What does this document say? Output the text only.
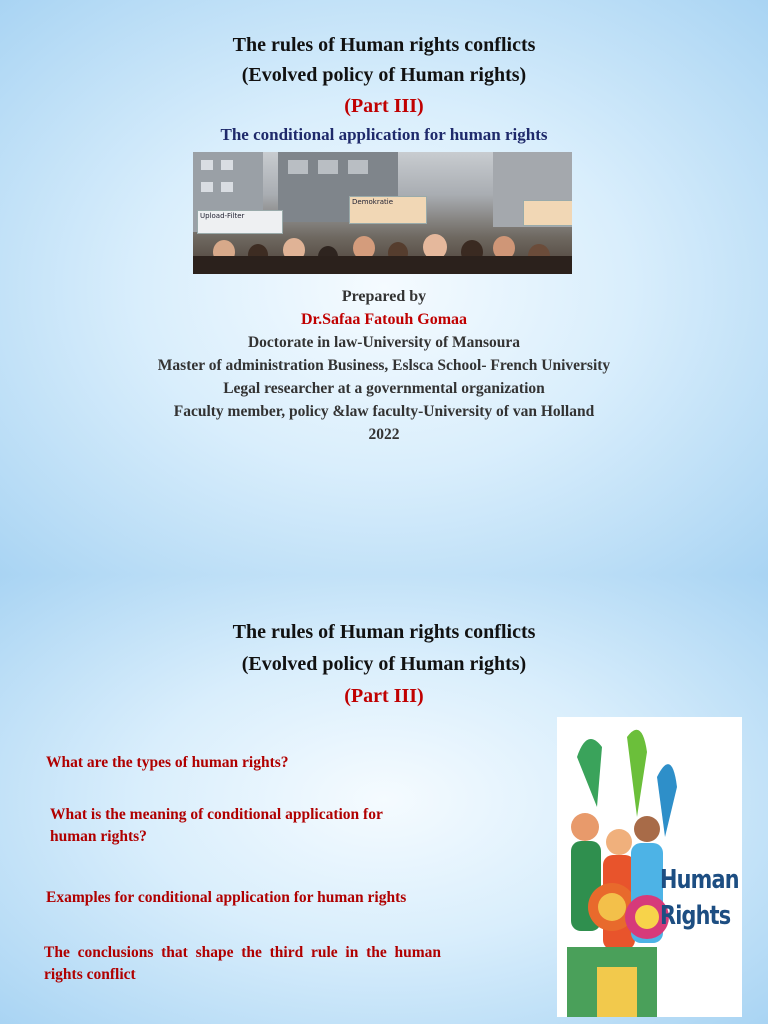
The rules of Human rights conflicts
(Evolved policy of Human rights)
(Part III)
The conditional application for human rights
Upload-Filter
Demokratie
Prepared by
Dr.Safaa Fatouh Gomaa
Doctorate in law-University of Mansoura
Master of administration Business, Eslsca School- French University
Legal researcher at a governmental organization
Faculty member, policy &law faculty-University of van Holland
2022
The rules of Human rights conflicts
(Evolved policy of Human rights)
(Part III)
What are the types of human rights?
What is the meaning of conditional application for
human rights?
Examples for conditional application for human rights
The  conclusions  that  shape  the  third  rule  in  the  human
rights conflict
Human
Rights
